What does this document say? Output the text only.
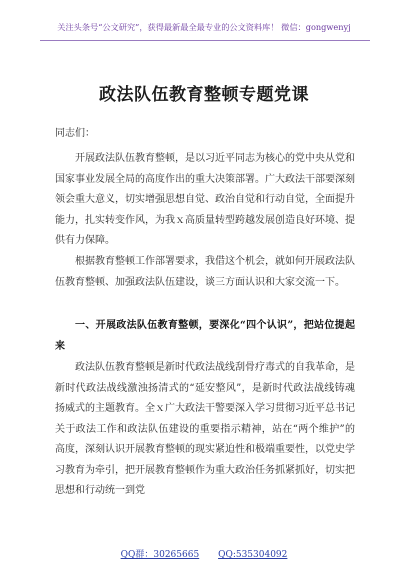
关注头条号“公文研究”，获得最新最全最专业的公文资料库！ 微信：gongwenyj
政法队伍教育整顿专题党课
同志们：
开展政法队伍教育整顿，是以习近平同志为核心的党中央从党和国家事业发展全局的高度作出的重大决策部署。广大政法干部要深刻领会重大意义，切实增强思想自觉、政治自觉和行动自觉，全面提升能力，扎实转变作风，为我ｘ高质量转型跨越发展创造良好环境、提供有力保障。
根据教育整顿工作部署要求，我借这个机会，就如何开展政法队伍教育整顿、加强政法队伍建设，谈三方面认识和大家交流一下。
一、开展政法队伍教育整顿，要深化“四个认识”，把站位提起来
政法队伍教育整顿是新时代政法战线刮骨疗毒式的自我革命，是新时代政法战线激浊扬清式的“延安整风”，是新时代政法战线铸魂扬威式的主题教育。全ｘ广大政法干警要深入学习贯彻习近平总书记关于政法工作和政法队伍建设的重要指示精神，站在“两个维护”的高度，深刻认识开展教育整顿的现实紧迫性和极端重要性，以党史学习教育为牵引，把开展教育整顿作为重大政治任务抓紧抓好，切实把思想和行动统一到党
QQ群：30265665 QQ:535304092
